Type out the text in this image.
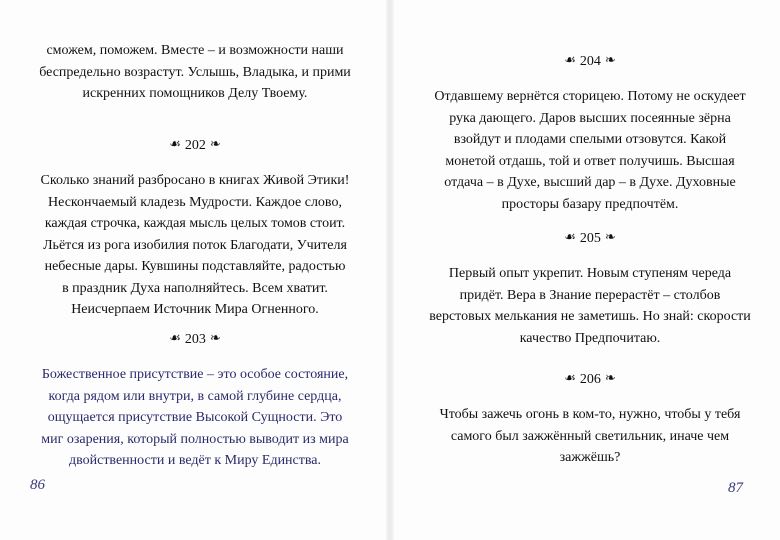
сможем, поможем. Вместе – и возможности наши
беспредельно возрастут. Услышь, Владыка, и прими
искренних помощников Делу Твоему.
☙ 202 ❧
Сколько знаний разбросано в книгах Живой Этики!
Нескончаемый кладезь Мудрости. Каждое слово,
каждая строчка, каждая мысль целых томов стоит.
Льётся из рога изобилия поток Благодати, Учителя
небесные дары. Кувшины подставляйте, радостью
в праздник Духа наполняйтесь. Всем хватит.
Неисчерпаем Источник Мира Огненного.
☙ 203 ❧
Божественное присутствие – это особое состояние,
когда рядом или внутри, в самой глубине сердца,
ощущается присутствие Высокой Сущности. Это
миг озарения, который полностью выводит из мира
двойственности и ведёт к Миру Единства.
86
☙ 204 ❧
Отдавшему вернётся сторицею. Потому не оскудеет
рука дающего. Даров высших посеянные зёрна
взойдут и плодами спелыми отзовутся. Какой
монетой отдашь, той и ответ получишь. Высшая
отдача – в Духе, высший дар – в Духе. Духовные
просторы базару предпочтём.
☙ 205 ❧
Первый опыт укрепит. Новым ступеням череда
придёт. Вера в Знание перерастёт – столбов
верстовых мелькания не заметишь. Но знай: скорости
качество Предпочитаю.
☙ 206 ❧
Чтобы зажечь огонь в ком-то, нужно, чтобы у тебя
самого был зажжённый светильник, иначе чем
зажжёшь?
87
